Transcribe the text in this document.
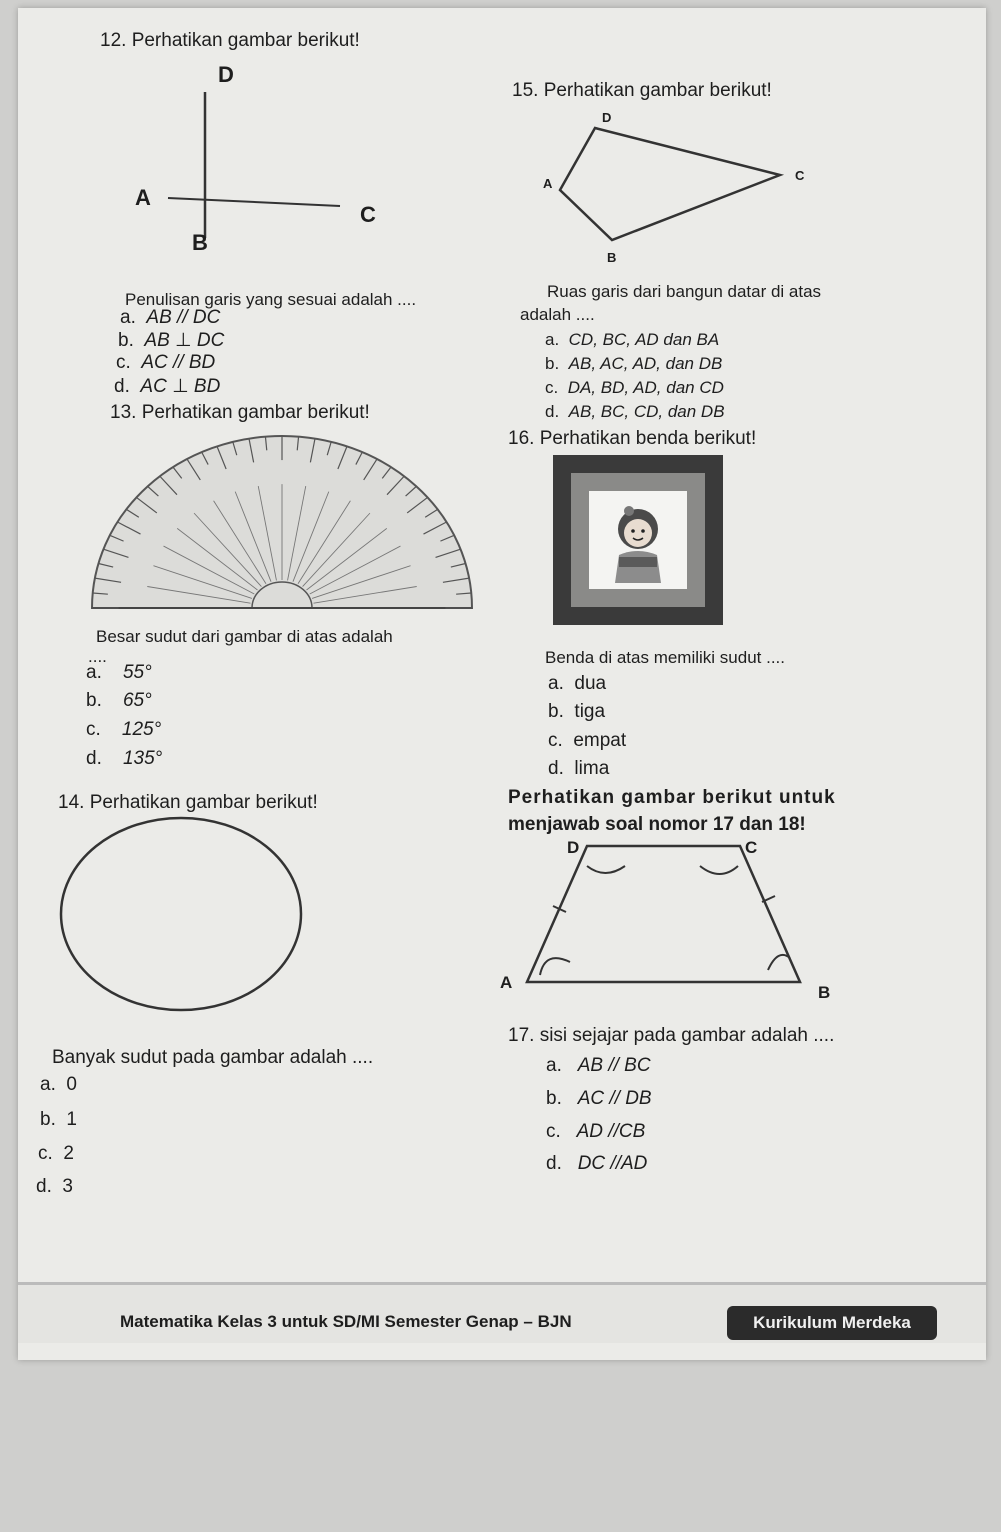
12. Perhatikan gambar berikut!
D
A
C
B
Penulisan garis yang sesuai adalah ....
a. AB // DC
b. AB ⊥ DC
c. AC // BD
d. AC ⊥ BD
15. Perhatikan gambar berikut!
D
A
C
B
Ruas garis dari bangun datar di atas
adalah ....
a. CD, BC, AD dan BA
b. AB, AC, AD, dan DB
c. DA, BD, AD, dan CD
d. AB, BC, CD, dan DB
13. Perhatikan gambar berikut!
Besar sudut dari gambar di atas adalah
....
a. 55°
b. 65°
c. 125°
d. 135°
16. Perhatikan benda berikut!
Benda di atas memiliki sudut ....
a. dua
b. tiga
c. empat
d. lima
14. Perhatikan gambar berikut!
Banyak sudut pada gambar adalah ....
a. 0
b. 1
c. 2
d. 3
Perhatikan gambar berikut untuk
menjawab soal nomor 17 dan 18!
D	C
A
B
17. sisi sejajar pada gambar adalah ....
a. AB // BC
b. AC // DB
c. AD //CB
d. DC //AD
Matematika Kelas 3 untuk SD/MI Semester Genap – BJN	Kurikulum Merdeka
